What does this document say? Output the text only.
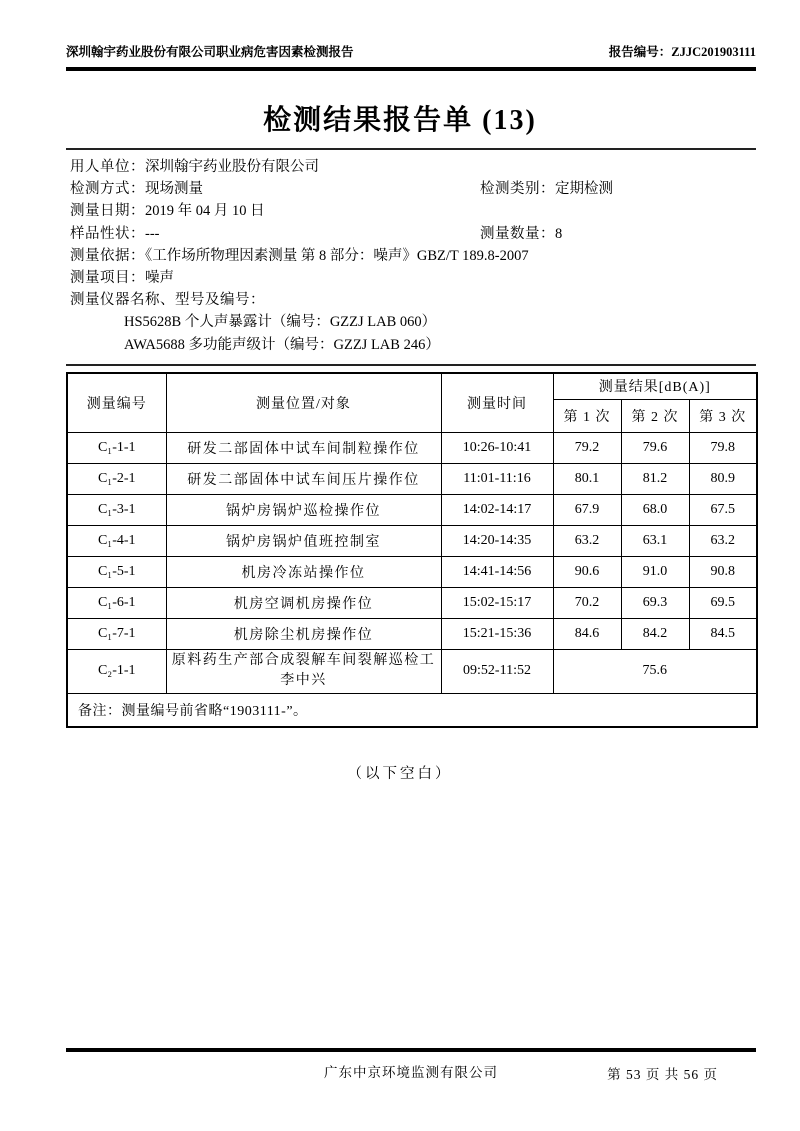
深圳翰宇药业股份有限公司职业病危害因素检测报告	报告编号：ZJJC201903111
检测结果报告单 (13)
用人单位：深圳翰宇药业股份有限公司
检测方式：现场测量	检测类别：定期检测
测量日期：2019 年 04 月 10 日
样品性状：---	测量数量：8
测量依据：《工作场所物理因素测量 第 8 部分：噪声》GBZ/T 189.8-2007
测量项目：噪声
测量仪器名称、型号及编号：
HS5628B 个人声暴露计（编号：GZZJ LAB 060）
AWA5688 多功能声级计（编号：GZZJ LAB 246）
测量编号	测量位置/对象	测量时间	测量结果[dB(A)]		
			第 1 次	第 2 次	第 3 次
C₁-1-1	研发二部固体中试车间制粒操作位	10:26-10:41	79.2	79.6	79.8
C₁-2-1	研发二部固体中试车间压片操作位	11:01-11:16	80.1	81.2	80.9
C₁-3-1	锅炉房锅炉巡检操作位	14:02-14:17	67.9	68.0	67.5
C₁-4-1	锅炉房锅炉值班控制室	14:20-14:35	63.2	63.1	63.2
C₁-5-1	机房冷冻站操作位	14:41-14:56	90.6	91.0	90.8
C₁-6-1	机房空调机房操作位	15:02-15:17	70.2	69.3	69.5
C₁-7-1	机房除尘机房操作位	15:21-15:36	84.6	84.2	84.5
C₂-1-1	原料药生产部合成裂解车间裂解巡检工李中兴	09:52-11:52	75.6		
备注：测量编号前省略“1903111-”。					
（以下空白）
广东中京环境监测有限公司	第 53 页 共 56 页
